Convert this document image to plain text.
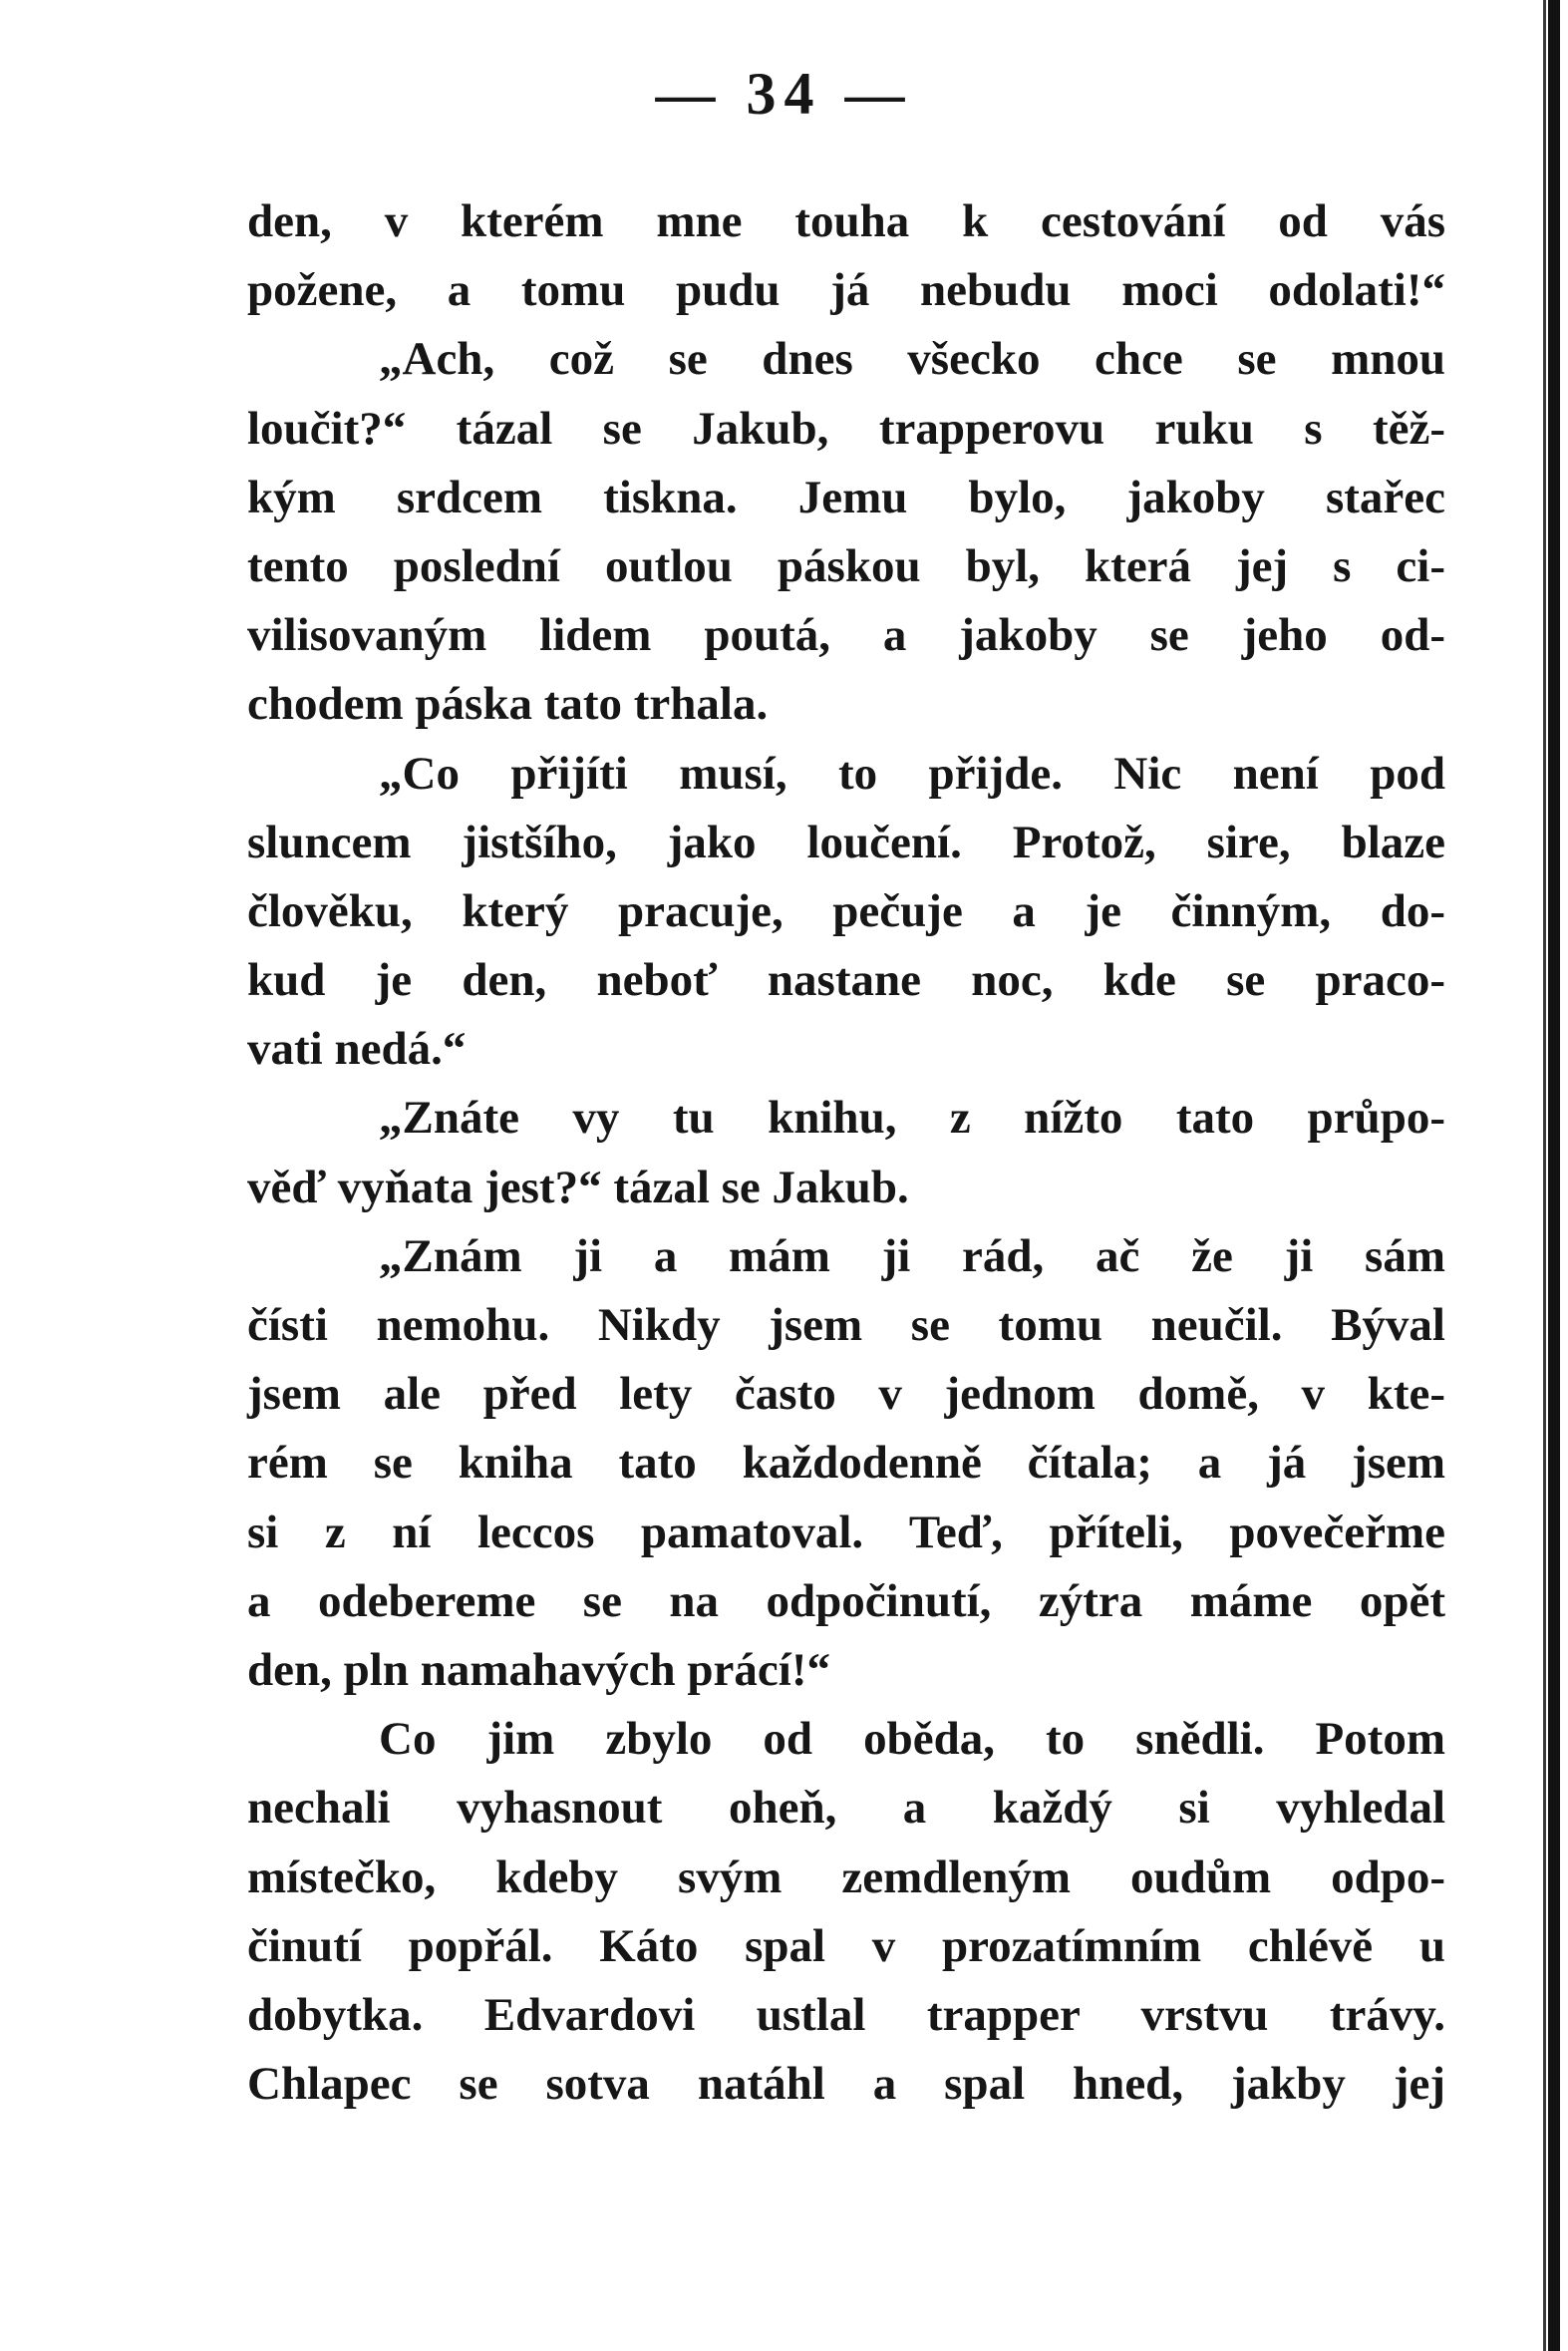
— 34 —
den, v kterém mne touha k cestování od vás
požene, a tomu pudu já nebudu moci odolati!“
„Ach, což se dnes všecko chce se mnou
loučit?“ tázal se Jakub, trapperovu ruku s těž-
kým srdcem tiskna. Jemu bylo, jakoby stařec
tento poslední outlou páskou byl, která jej s ci-
vilisovaným lidem poutá, a jakoby se jeho od-
chodem páska tato trhala.
„Co přijíti musí, to přijde. Nic není pod
sluncem jistšího, jako loučení. Protož, sire, blaze
člověku, který pracuje, pečuje a je činným, do-
kud je den, neboť nastane noc, kde se praco-
vati nedá.“
„Znáte vy tu knihu, z nížto tato průpo-
věď vyňata jest?“ tázal se Jakub.
„Znám ji a mám ji rád, ač že ji sám
čísti nemohu. Nikdy jsem se tomu neučil. Býval
jsem ale před lety často v jednom domě, v kte-
rém se kniha tato každodenně čítala; a já jsem
si z ní leccos pamatoval. Teď, příteli, povečeřme
a odebereme se na odpočinutí, zýtra máme opět
den, pln namahavých prácí!“
Co jim zbylo od oběda, to snědli. Potom
nechali vyhasnout oheň, a každý si vyhledal
místečko, kdeby svým zemdleným oudům odpo-
činutí popřál. Káto spal v prozatímním chlévě u
dobytka. Edvardovi ustlal trapper vrstvu trávy.
Chlapec se sotva natáhl a spal hned, jakby jej
